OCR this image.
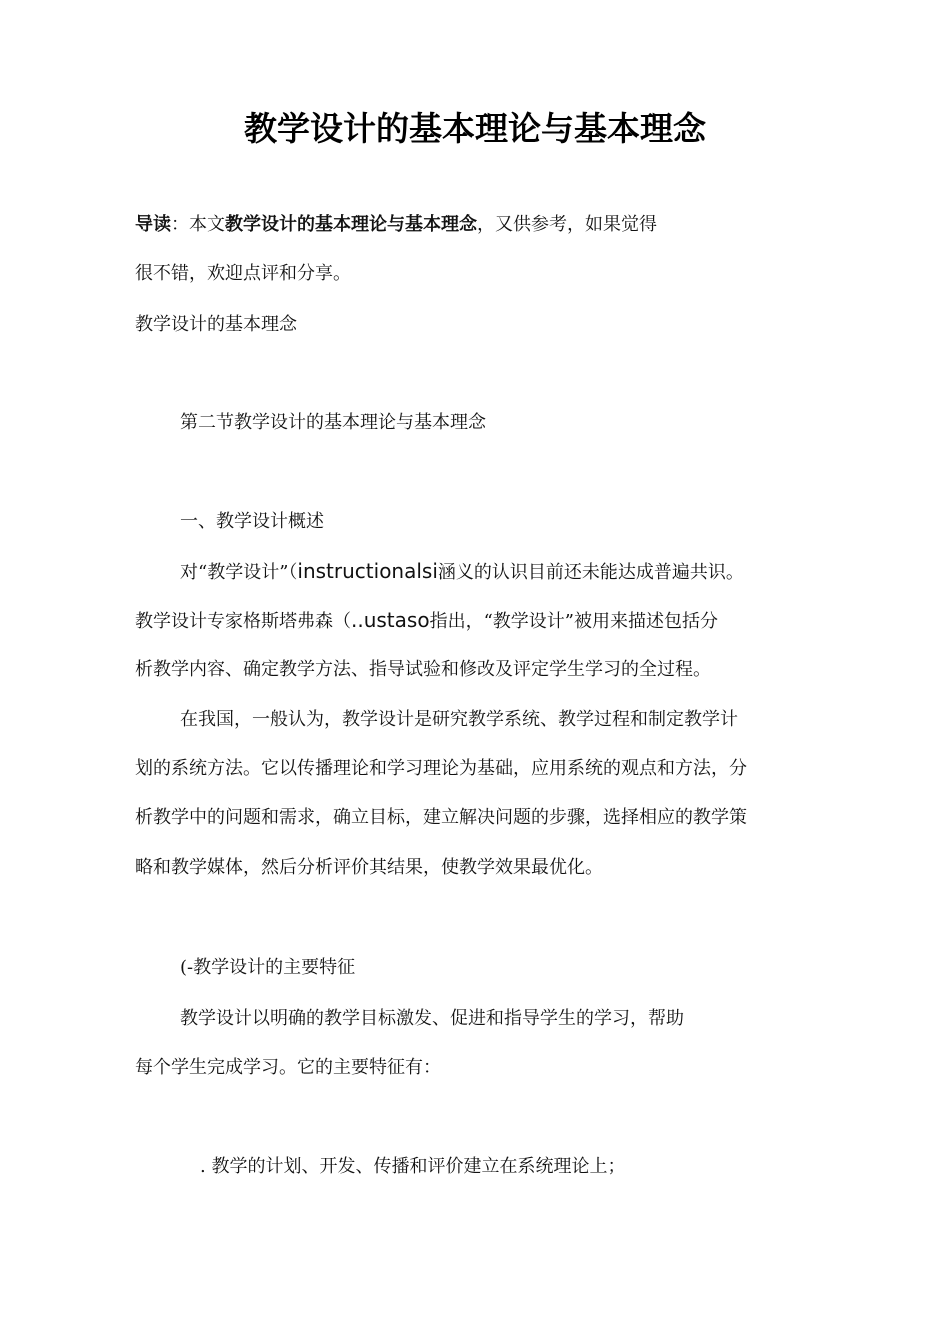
教学设计的基本理论与基本理念
导读：本文教学设计的基本理论与基本理念，又供参考，如果觉得
很不错，欢迎点评和分享。
教学设计的基本理念
第二节教学设计的基本理论与基本理念
一、教学设计概述
对“教学设计”（instructionalsi涵义的认识目前还未能达成普遍共识。
教学设计专家格斯塔弗森（..ustaso指出，“教学设计”被用来描述包括分
析教学内容、确定教学方法、指导试验和修改及评定学生学习的全过程。
在我国，一般认为，教学设计是研究教学系统、教学过程和制定教学计
划的系统方法。它以传播理论和学习理论为基础，应用系统的观点和方法，分
析教学中的问题和需求，确立目标，建立解决问题的步骤，选择相应的教学策
略和教学媒体，然后分析评价其结果，使教学效果最优化。
(-教学设计的主要特征
教学设计以明确的教学目标激发、促进和指导学生的学习，帮助
每个学生完成学习。它的主要特征有：
. 教学的计划、开发、传播和评价建立在系统理论上；
